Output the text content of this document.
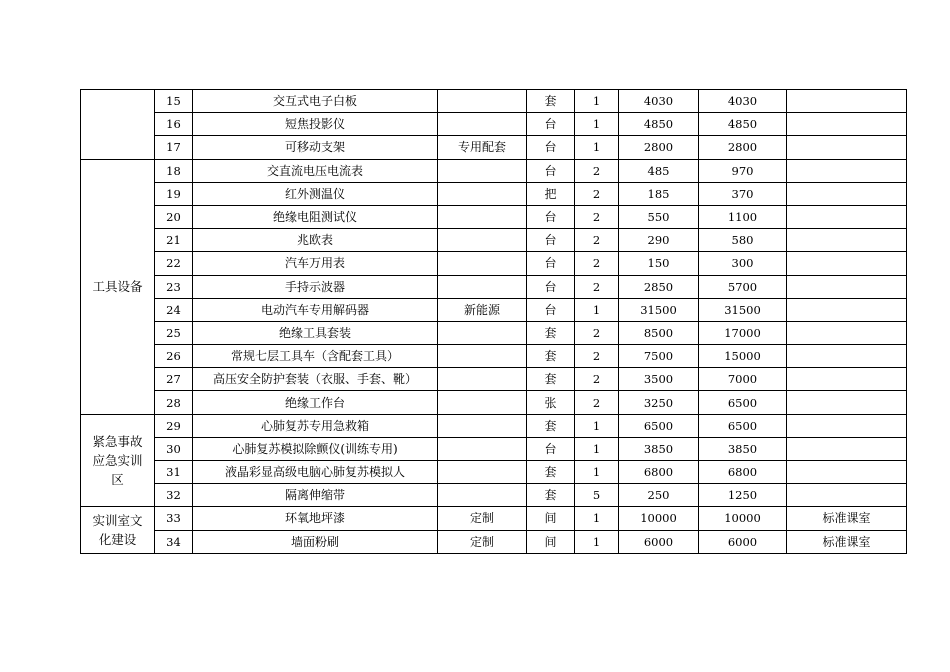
	15	交互式电子白板		套	1	4030	4030	
	16	短焦投影仪		台	1	4850	4850	
	17	可移动支架	专用配套	台	1	2800	2800	
工具设备	18	交直流电压电流表		台	2	485	970	
	19	红外测温仪		把	2	185	370	
	20	绝缘电阻测试仪		台	2	550	1100	
	21	兆欧表		台	2	290	580	
	22	汽车万用表		台	2	150	300	
	23	手持示波器		台	2	2850	5700	
	24	电动汽车专用解码器	新能源	台	1	31500	31500	
	25	绝缘工具套装		套	2	8500	17000	
	26	常规七层工具车（含配套工具）		套	2	7500	15000	
	27	高压安全防护套装（衣服、手套、靴）		套	2	3500	7000	
	28	绝缘工作台		张	2	3250	6500	
紧急事故应急实训区	29	心肺复苏专用急救箱		套	1	6500	6500	
	30	心肺复苏模拟除颤仪(训练专用)		台	1	3850	3850	
	31	液晶彩显高级电脑心肺复苏模拟人		套	1	6800	6800	
	32	隔离伸缩带		套	5	250	1250	
实训室文化建设	33	环氧地坪漆	定制	间	1	10000	10000	标准课室
	34	墙面粉刷	定制	间	1	6000	6000	标准课室
